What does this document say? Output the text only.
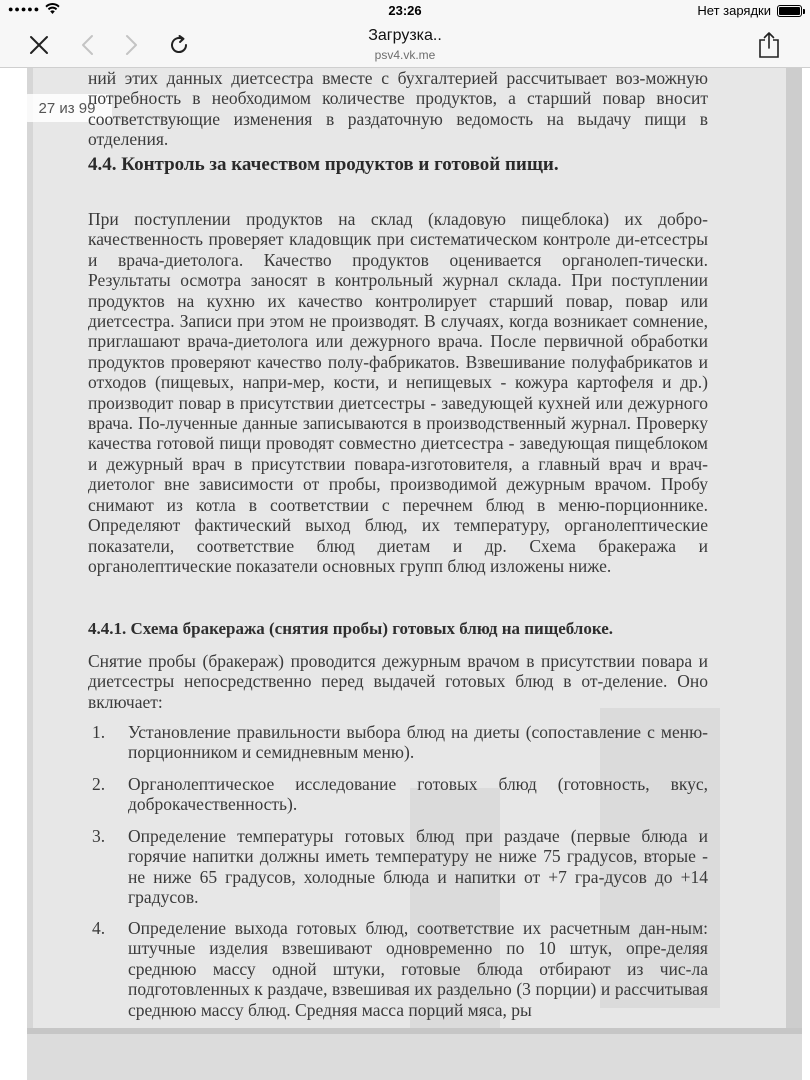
●●●●●	23:26	Нет зарядки
Загрузка..
psv4.vk.me
27 из 99
ний этих данных диетсестра вместе с бухгалтерией рассчитывает воз-можную потребность в необходимом количестве продуктов, а старший повар вносит соответствующие изменения в раздаточную ведомость на выдачу пищи в отделения.
4.4. Контроль за качеством продуктов и готовой пищи.
При поступлении продуктов на склад (кладовую пищеблока) их добро-качественность проверяет кладовщик при систематическом контроле ди-етсестры и врача-диетолога. Качество продуктов оценивается органолеп-тически. Результаты осмотра заносят в контрольный журнал склада. При поступлении продуктов на кухню их качество контролирует старший повар, повар или диетсестра. Записи при этом не производят. В случаях, когда возникает сомнение, приглашают врача-диетолога или дежурного врача. После первичной обработки продуктов проверяют качество полу-фабрикатов. Взвешивание полуфабрикатов и отходов (пищевых, напри-мер, кости, и непищевых - кожура картофеля и др.) производит повар в присутствии диетсестры - заведующей кухней или дежурного врача. По-лученные данные записываются в производственный журнал. Проверку качества готовой пищи проводят совместно диетсестра - заведующая пищеблоком и дежурный врач в присутствии повара-изготовителя, а главный врач и врач-диетолог вне зависимости от пробы, производимой дежурным врачом. Пробу снимают из котла в соответствии с перечнем блюд в меню-порционнике. Определяют фактический выход блюд, их температуру, органолептические показатели, соответствие блюд диетам и др. Схема бракеража и органолептические показатели основных групп блюд изложены ниже.
4.4.1. Схема бракеража (снятия пробы) готовых блюд на пищеблоке.
Снятие пробы (бракераж) проводится дежурным врачом в присутствии повара и диетсестры непосредственно перед выдачей готовых блюд в от-деление. Оно включает:
1.	Установление правильности выбора блюд на диеты (сопоставление с меню-порционником и семидневным меню).
2.	Органолептическое исследование готовых блюд (готовность, вкус, доброкачественность).
3.	Определение температуры готовых блюд при раздаче (первые блюда и горячие напитки должны иметь температуру не ниже 75 градусов, вторые - не ниже 65 градусов, холодные блюда и напитки от +7 гра-дусов до +14 градусов.
4.	Определение выхода готовых блюд, соответствие их расчетным дан-ным: штучные изделия взвешивают одновременно по 10 штук, опре-деляя среднюю массу одной штуки, готовые блюда отбирают из чис-ла подготовленных к раздаче, взвешивая их раздельно (3 порции) и рассчитывая среднюю массу блюд. Средняя масса порций мяса, ры
